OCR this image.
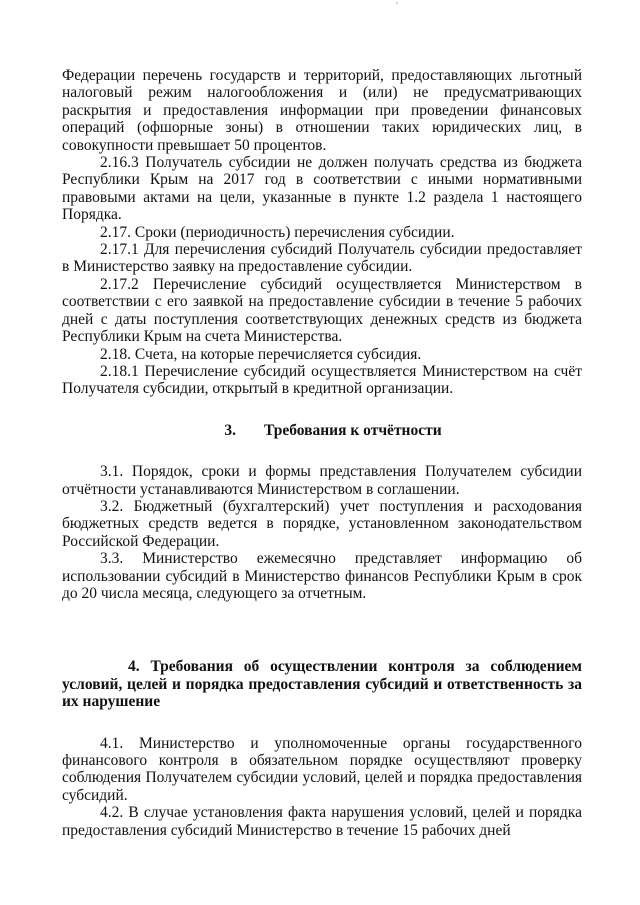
'

Федерации перечень государств и территорий, предоставляющих льготный налоговый режим налогообложения и (или) не предусматривающих раскрытия и предоставления информации при проведении финансовых операций (офшорные зоны) в отношении таких юридических лиц, в совокупности превышает 50 процентов.

2.16.3 Получатель субсидии не должен получать средства из бюджета Республики Крым на 2017 год в соответствии с иными нормативными правовыми актами на цели, указанные в пункте 1.2 раздела 1 настоящего Порядка.

2.17. Сроки (периодичность) перечисления субсидии.

2.17.1 Для перечисления субсидий Получатель субсидии предоставляет в Министерство заявку на предоставление субсидии.

2.17.2 Перечисление субсидий осуществляется Министерством в соответствии с его заявкой на предоставление субсидии в течение 5 рабочих дней с даты поступления соответствующих денежных средств из бюджета Республики Крым на счета Министерства.

2.18. Счета, на которые перечисляется субсидия.

2.18.1 Перечисление субсидий осуществляется Министерством на счёт Получателя субсидии, открытый в кредитной организации.

3. Требования к отчётности

3.1. Порядок, сроки и формы представления Получателем субсидии отчётности устанавливаются Министерством в соглашении.

3.2. Бюджетный (бухгалтерский) учет поступления и расходования бюджетных средств ведется в порядке, установленном законодательством Российской Федерации.

3.3. Министерство ежемесячно представляет информацию об использовании субсидий в Министерство финансов Республики Крым в срок до 20 числа месяца, следующего за отчетным.

4. Требования об осуществлении контроля за соблюдением условий, целей и порядка предоставления субсидий и ответственность за их нарушение

4.1. Министерство и уполномоченные органы государственного финансового контроля в обязательном порядке осуществляют проверку соблюдения Получателем субсидии условий, целей и порядка предоставления субсидий.

4.2. В случае установления факта нарушения условий, целей и порядка предоставления субсидий Министерство в течение 15 рабочих дней
